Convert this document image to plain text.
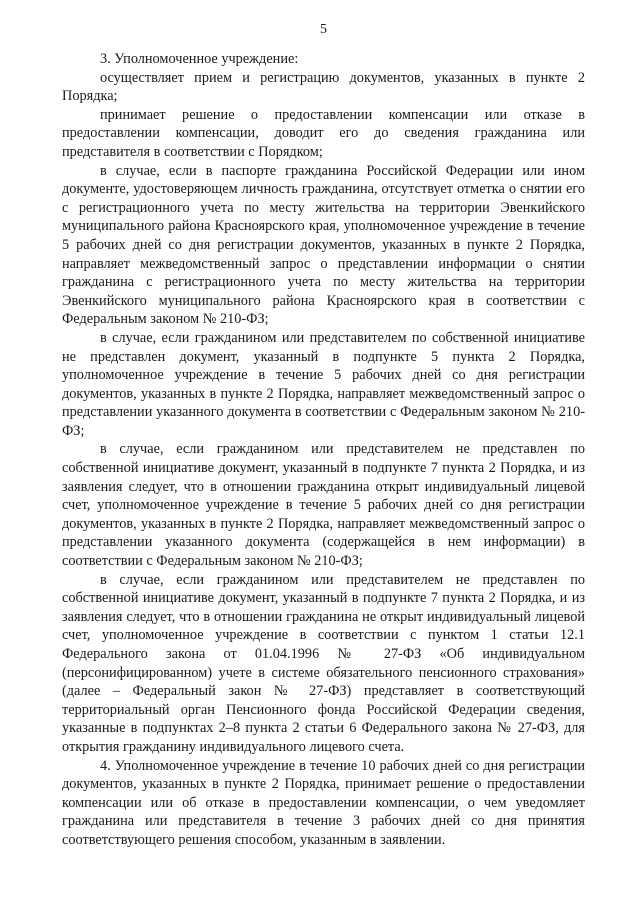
5

3. Уполномоченное учреждение:

осуществляет прием и регистрацию документов, указанных в пункте 2 Порядка;

принимает решение о предоставлении компенсации или отказе в предоставлении компенсации, доводит его до сведения гражданина или представителя в соответствии с Порядком;

в случае, если в паспорте гражданина Российской Федерации или ином документе, удостоверяющем личность гражданина, отсутствует отметка о снятии его с регистрационного учета по месту жительства на территории Эвенкийского муниципального района Красноярского края, уполномоченное учреждение в течение 5 рабочих дней со дня регистрации документов, указанных в пункте 2 Порядка, направляет межведомственный запрос о представлении информации о снятии гражданина с регистрационного учета по месту жительства на территории Эвенкийского муниципального района Красноярского края в соответствии с Федеральным законом № 210-ФЗ;

в случае, если гражданином или представителем по собственной инициативе не представлен документ, указанный в подпункте 5 пункта 2 Порядка, уполномоченное учреждение в течение 5 рабочих дней со дня регистрации документов, указанных в пункте 2 Порядка, направляет межведомственный запрос о представлении указанного документа в соответствии с Федеральным законом № 210-ФЗ;

в случае, если гражданином или представителем не представлен по собственной инициативе документ, указанный в подпункте 7 пункта 2 Порядка, и из заявления следует, что в отношении гражданина открыт индивидуальный лицевой счет, уполномоченное учреждение в течение 5 рабочих дней со дня регистрации документов, указанных в пункте 2 Порядка, направляет межведомственный запрос о представлении указанного документа (содержащейся в нем информации) в соответствии с Федеральным законом № 210-ФЗ;

в случае, если гражданином или представителем не представлен по собственной инициативе документ, указанный в подпункте 7 пункта 2 Порядка, и из заявления следует, что в отношении гражданина не открыт индивидуальный лицевой счет, уполномоченное учреждение в соответствии с пунктом 1 статьи 12.1 Федерального закона от 01.04.1996 № 27-ФЗ «Об индивидуальном (персонифицированном) учете в системе обязательного пенсионного страхования» (далее – Федеральный закон № 27-ФЗ) представляет в соответствующий территориальный орган Пенсионного фонда Российской Федерации сведения, указанные в подпунктах 2–8 пункта 2 статьи 6 Федерального закона № 27-ФЗ, для открытия гражданину индивидуального лицевого счета.

4. Уполномоченное учреждение в течение 10 рабочих дней со дня регистрации документов, указанных в пункте 2 Порядка, принимает решение о предоставлении компенсации или об отказе в предоставлении компенсации, о чем уведомляет гражданина или представителя в течение 3 рабочих дней со дня принятия соответствующего решения способом, указанным в заявлении.
